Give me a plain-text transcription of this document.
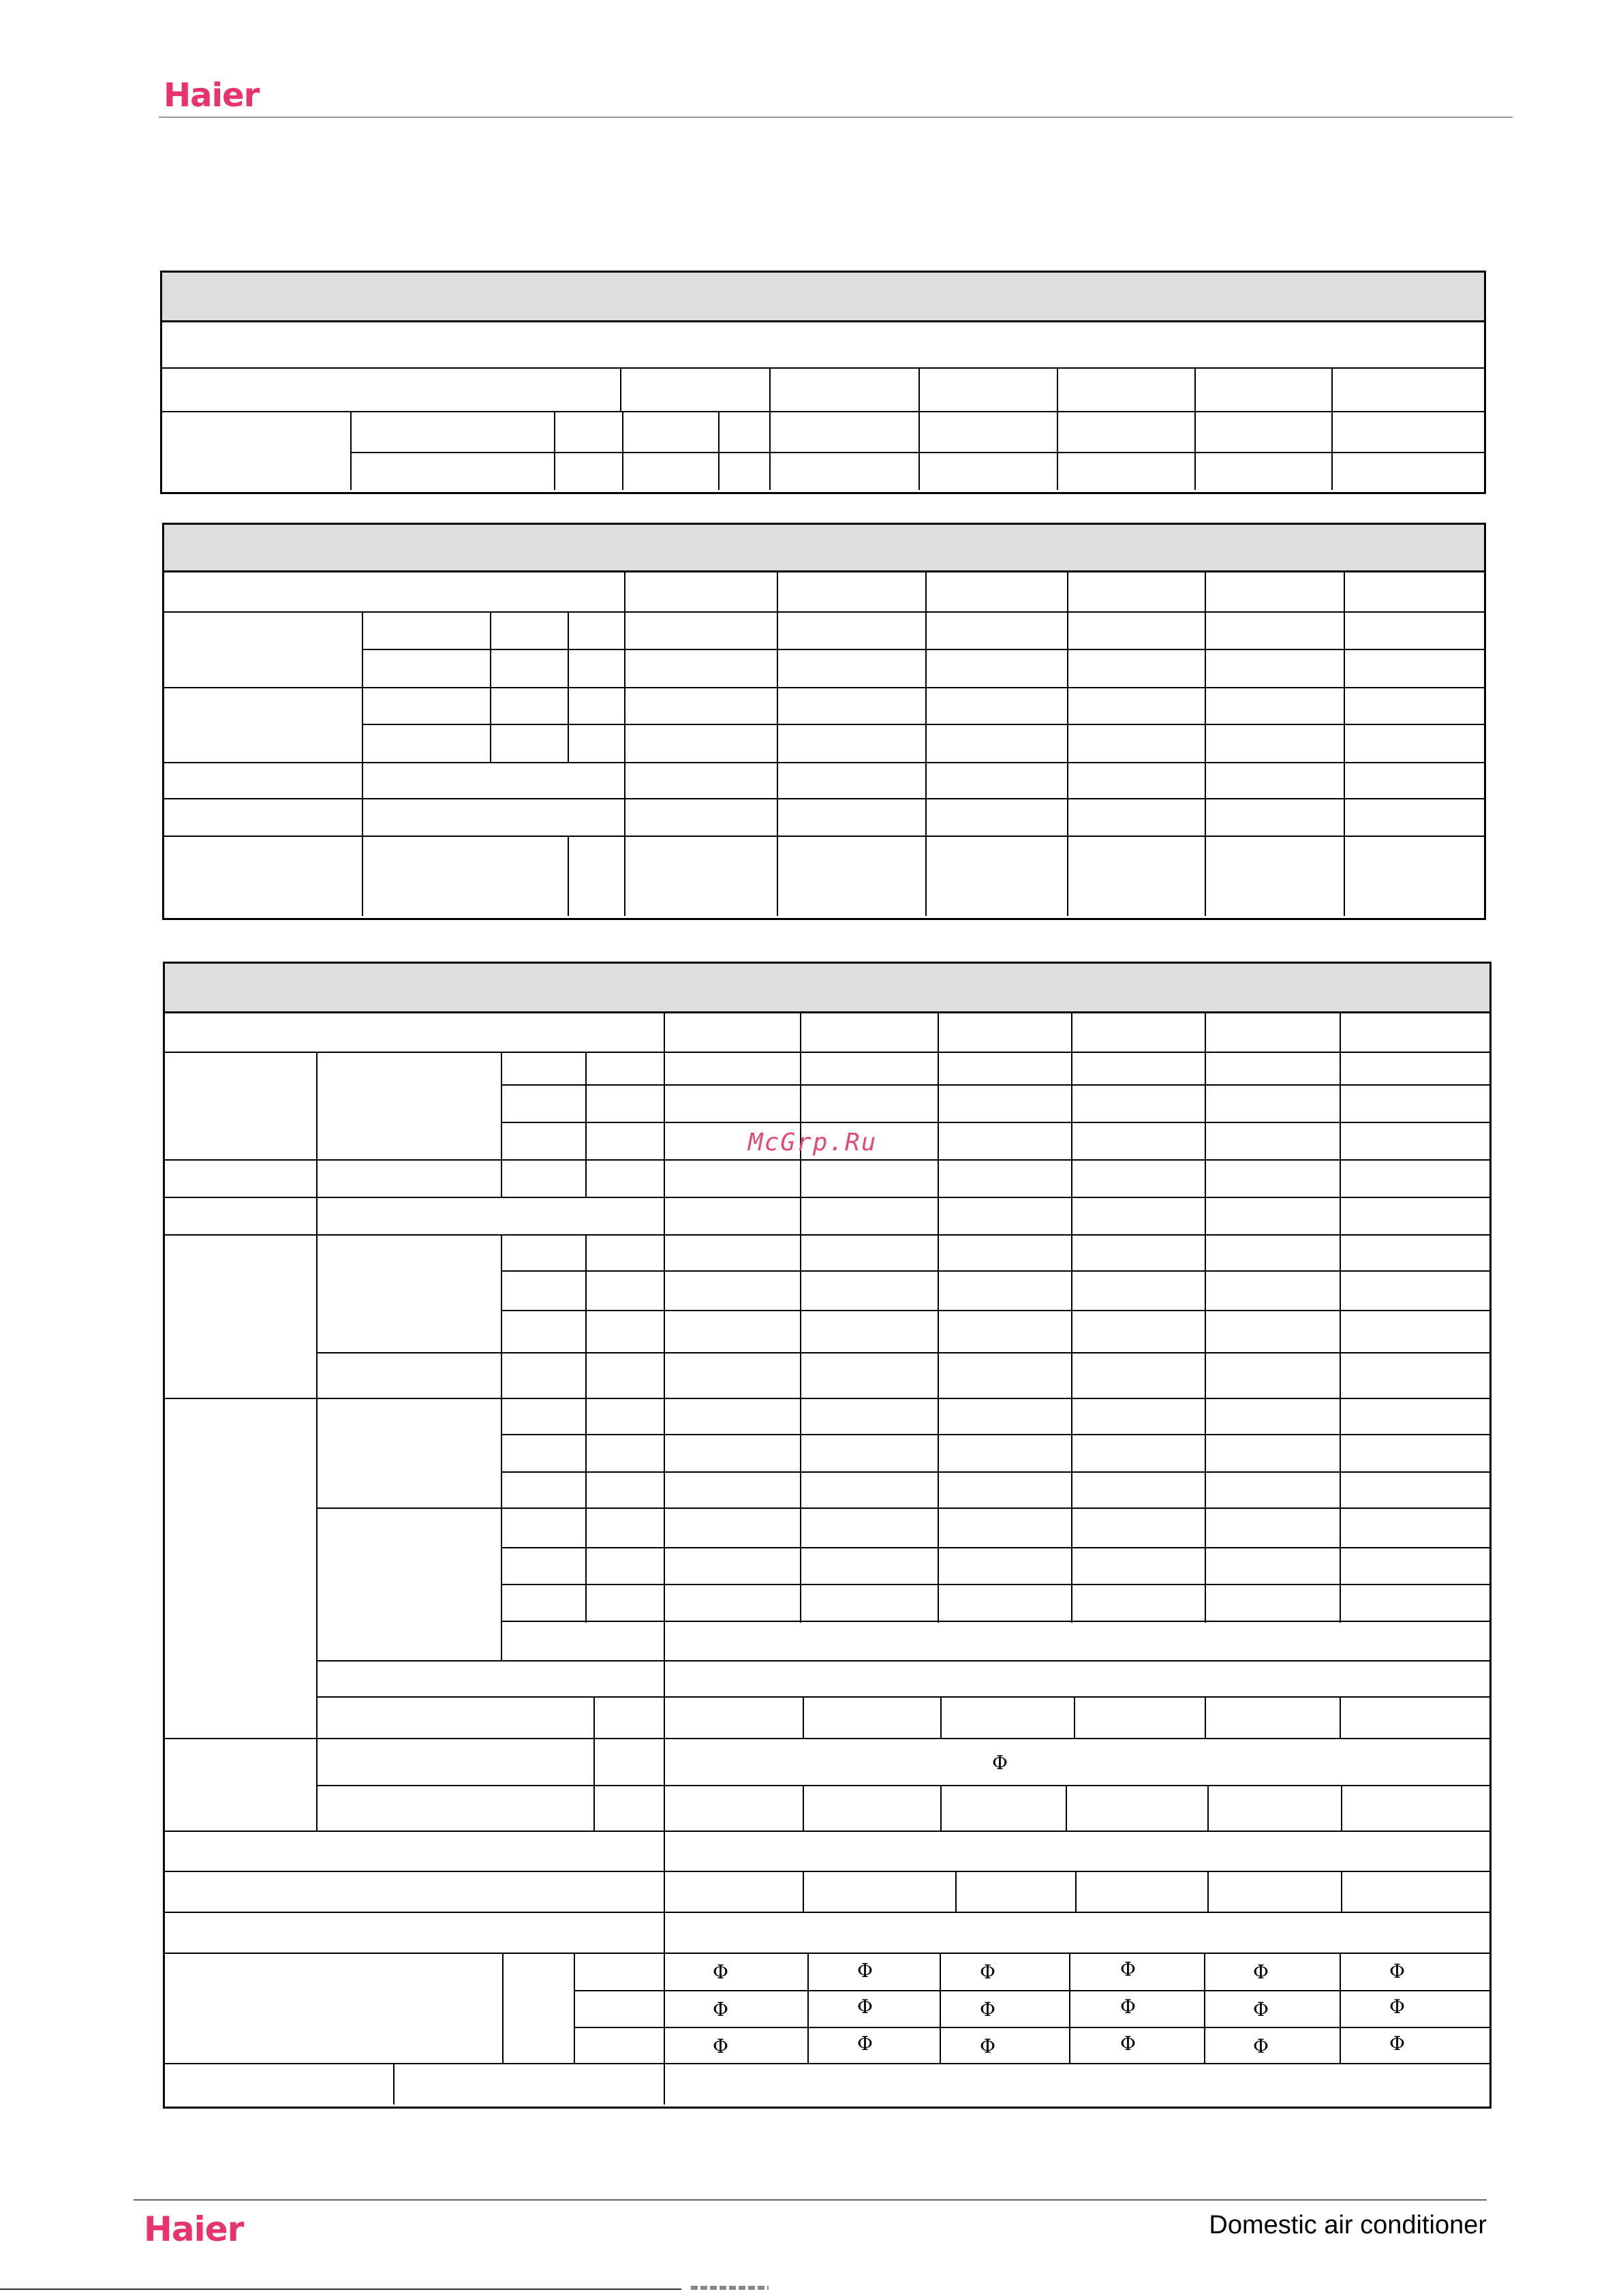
Haier
Φ
Φ	Φ	Φ	Φ	Φ	Φ
Φ	Φ	Φ	Φ	Φ	Φ
Φ	Φ	Φ	Φ	Φ	Φ
McGrp.Ru
Haier	Domestic air conditioner
